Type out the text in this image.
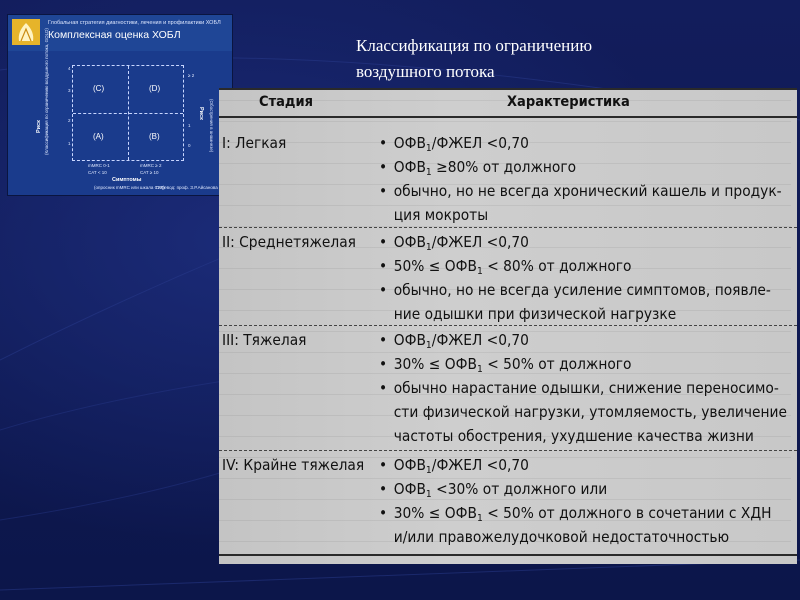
Глобальная стратегия диагностики, лечения и профилактики ХОБЛ
Комплексная оценка ХОБЛ
(C)	(D)
(A)	(B)
4
3
2
1
≥ 2
1
0
Риск (Классификация по ограничению воздушного потока, GOLD)	Риск (Обострения в анамнезе)
mMRC 0-1
CAT < 10
mMRC ≥ 2
CAT ≥ 10
Симптомы
(опросник mMRC или шкала CAT)
Перевод: проф. З.Р.Айсанова
Классификация по ограничению
воздушного потока

Стадия	Характеристика
I: Легкая	• $ОФВ_1$/ФЖЕЛ <0,70
• $ОФВ_1 \ge 80\%$ от должного
• обычно, но не всегда хронический кашель и продук-
ция мокроты
II: Среднетяжелая • $ОФВ_1$/ФЖЕЛ <0,70
• $50\% \le ОФВ_1 < 80\%$ от должного
• обычно, но не всегда усиление симптомов, появле-
ние одышки при физической нагрузке
III: Тяжелая	• $ОФВ_1$/ФЖЕЛ <0,70
• $30\% \le ОФВ_1 < 50\%$ от должного
• обычно нарастание одышки, снижение переносимо-
сти физической нагрузки, утомляемость, увеличение
частоты обострения, ухудшение качества жизни
IV: Крайне тяжелая • $ОФВ_1$/ФЖЕЛ <0,70
• $ОФВ_1 <30\%$ от должного или
• $30\% \le ОФВ_1 < 50\%$ от должного в сочетании с ХДН
и/или правожелудочковой недостаточностью
